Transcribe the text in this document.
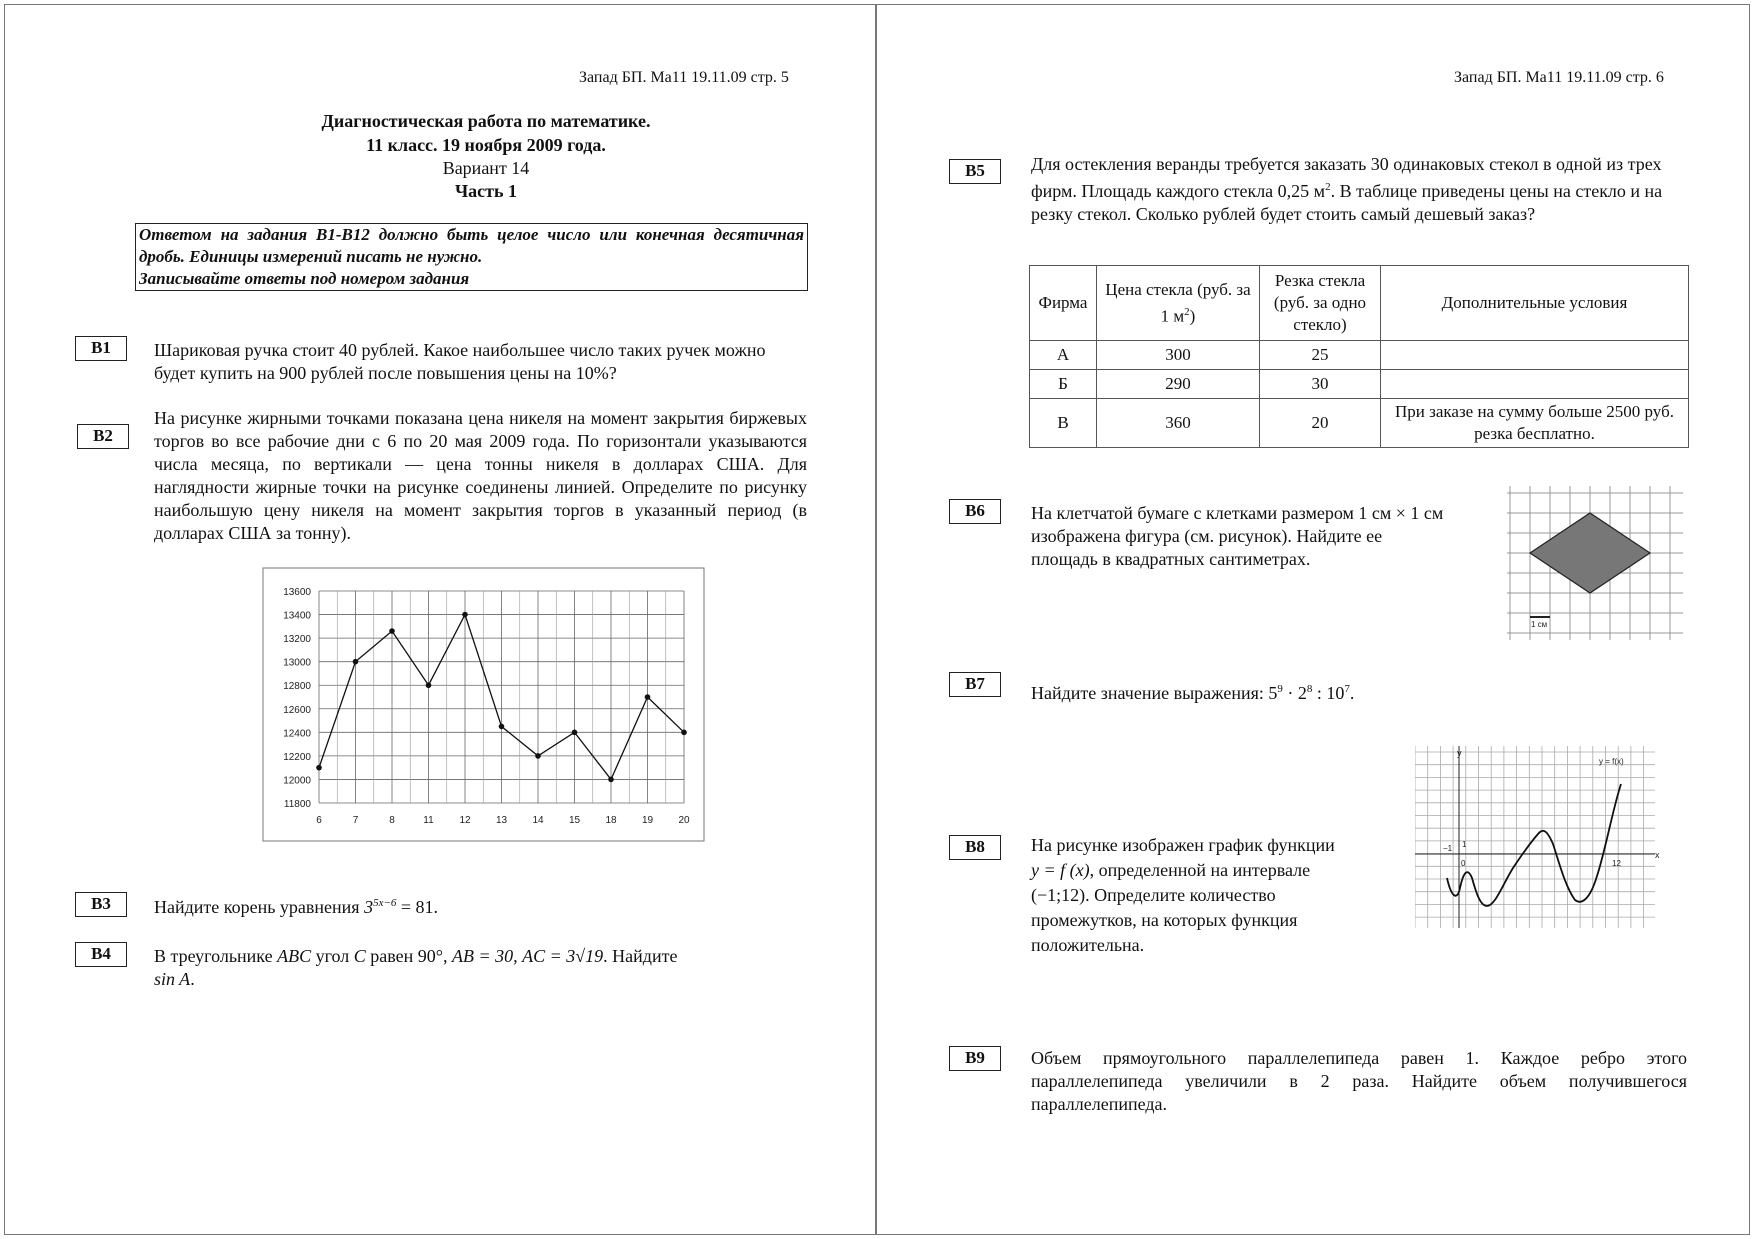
Запад БП. Ма11 19.11.09 стр. 5
Диагностическая работа по математике.
11 класс. 19 ноября 2009 года.
Вариант 14
Часть 1
Ответом на задания В1-В12 должно быть целое число или конечная десятичная дробь. Единицы измерений писать не нужно.
Записывайте ответы под номером задания
B1	Шариковая ручка стоит 40 рублей. Какое наибольшее число таких ручек можно будет купить на 900 рублей после повышения цены на 10%?
B2
На рисунке жирными точками показана цена никеля на момент закрытия биржевых торгов во все рабочие дни с 6 по 20 мая 2009 года. По горизонтали указываются числа месяца, по вертикали — цена тонны никеля в долларах США. Для наглядности жирные точки на рисунке соединены линией. Определите по рисунку наибольшую цену никеля на момент закрытия торгов в указанный период (в долларах США за тонну).
11800
12000
12200
12400
12600
12800
13000
13200
13400
13600
6	7	8	11	12	13	14	15	18	19	20
B3	Найдите корень уравнения $3^{5x-6} = 81$.
B4	В треугольнике ABC угол C равен 90°, AB = 30, AC = 3√19. Найдите
sin A.
Запад БП. Ма11 19.11.09 стр. 6
B5	Для остекления веранды требуется заказать 30 одинаковых стекол в одной из трех фирм. Площадь каждого стекла 0,25 $м^2$. В таблице приведены цены на стекло и на резку стекол. Сколько рублей будет стоить самый дешевый заказ?
Фирма	Цена стекла (руб. за 1 $м^2$)	Резка стекла (руб. за одно стекло)	Дополнительные условия
А	300	25	
Б	290	30	
В	360	20	При заказе на сумму больше 2500 руб. резка бесплатно.
B6	На клетчатой бумаге с клетками размером 1 см × 1 см изображена фигура (см. рисунок). Найдите ее площадь в квадратных сантиметрах.
1 см
B7	Найдите значение выражения: $5^9 \cdot 2^8$ : $10^7$.
B8	На рисунке изображен график функции
y = f (x), определенной на интервале
(−1;12). Определите количество
промежутков, на которых функция
положительна.
y
y = f(x)
x
−1
0
1
12
B9	Объем прямоугольного параллелепипеда равен 1. Каждое ребро этого параллелепипеда увеличили в 2 раза. Найдите объем получившегося параллелепипеда.
